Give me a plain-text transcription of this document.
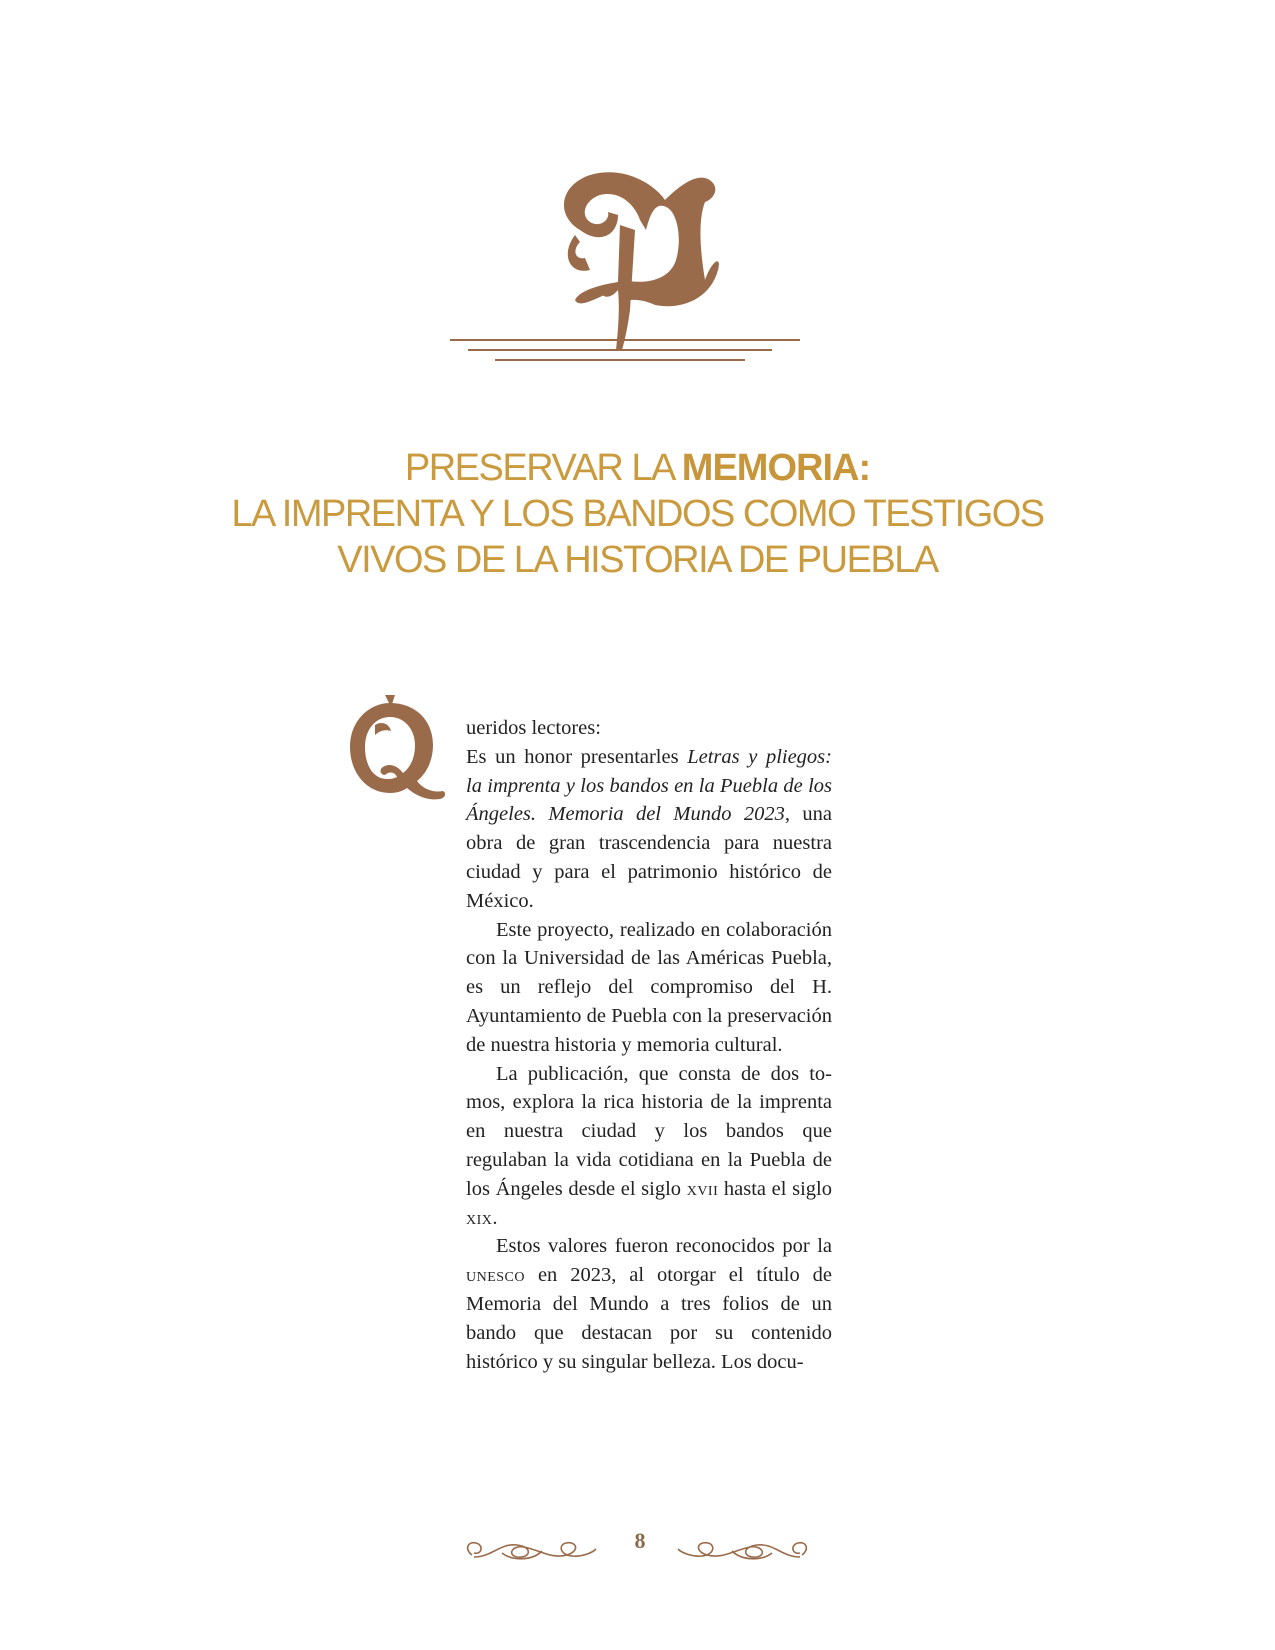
PRESERVAR LA MEMORIA:
LA IMPRENTA Y LOS BANDOS COMO TESTIGOS
VIVOS DE LA HISTORIA DE PUEBLA

ueridos lectores:

Es un honor presentarles Letras y pliegos: la imprenta y los bandos en la Puebla de los Ángeles. Memoria del Mundo 2023, una obra de gran trascendencia para nuestra ciudad y para el patrimonio histórico de México.

Este proyecto, realizado en colaboración con la Universidad de las Américas Puebla, es un reflejo del compromiso del H. Ayuntamiento de Puebla con la preservación de nuestra historia y memoria cultural.

La publicación, que consta de dos tomos, explora la rica historia de la imprenta en nuestra ciudad y los bandos que regulaban la vida cotidiana en la Puebla de los Ángeles desde el siglo xvii hasta el siglo xix.

Estos valores fueron reconocidos por la unesco en 2023, al otorgar el título de Memoria del Mundo a tres folios de un bando que destacan por su contenido histórico y su singular belleza. Los docu-

8
